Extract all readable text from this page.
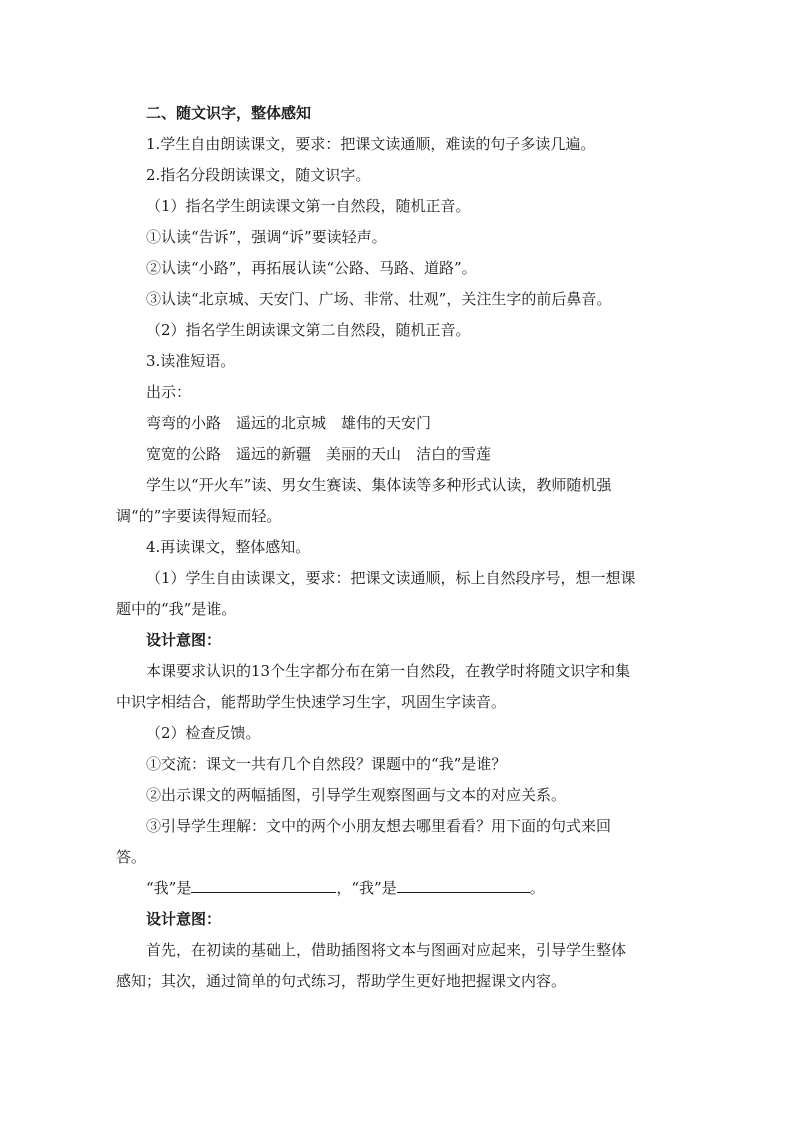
二、随文识字，整体感知
1.学生自由朗读课文，要求：把课文读通顺，难读的句子多读几遍。
2.指名分段朗读课文，随文识字。
（1）指名学生朗读课文第一自然段，随机正音。
①认读“告诉”，强调“诉”要读轻声。
②认读“小路”，再拓展认读“公路、马路、道路”。
③认读“北京城、天安门、广场、非常、壮观”，关注生字的前后鼻音。
（2）指名学生朗读课文第二自然段，随机正音。
3.读准短语。
出示：
弯弯的小路　遥远的北京城　雄伟的天安门
宽宽的公路　遥远的新疆　美丽的天山　洁白的雪莲
学生以“开火车”读、男女生赛读、集体读等多种形式认读，教师随机强
调“的”字要读得短而轻。
4.再读课文，整体感知。
（1）学生自由读课文，要求：把课文读通顺，标上自然段序号，想一想课
题中的“我”是谁。
设计意图：
本课要求认识的13个生字都分布在第一自然段，在教学时将随文识字和集
中识字相结合，能帮助学生快速学习生字，巩固生字读音。
（2）检查反馈。
①交流：课文一共有几个自然段？课题中的“我”是谁？
②出示课文的两幅插图，引导学生观察图画与文本的对应关系。
③引导学生理解：文中的两个小朋友想去哪里看看？用下面的句式来回
答。
“我”是	，“我”是	。
设计意图：
首先，在初读的基础上，借助插图将文本与图画对应起来，引导学生整体
感知；其次，通过简单的句式练习，帮助学生更好地把握课文内容。
